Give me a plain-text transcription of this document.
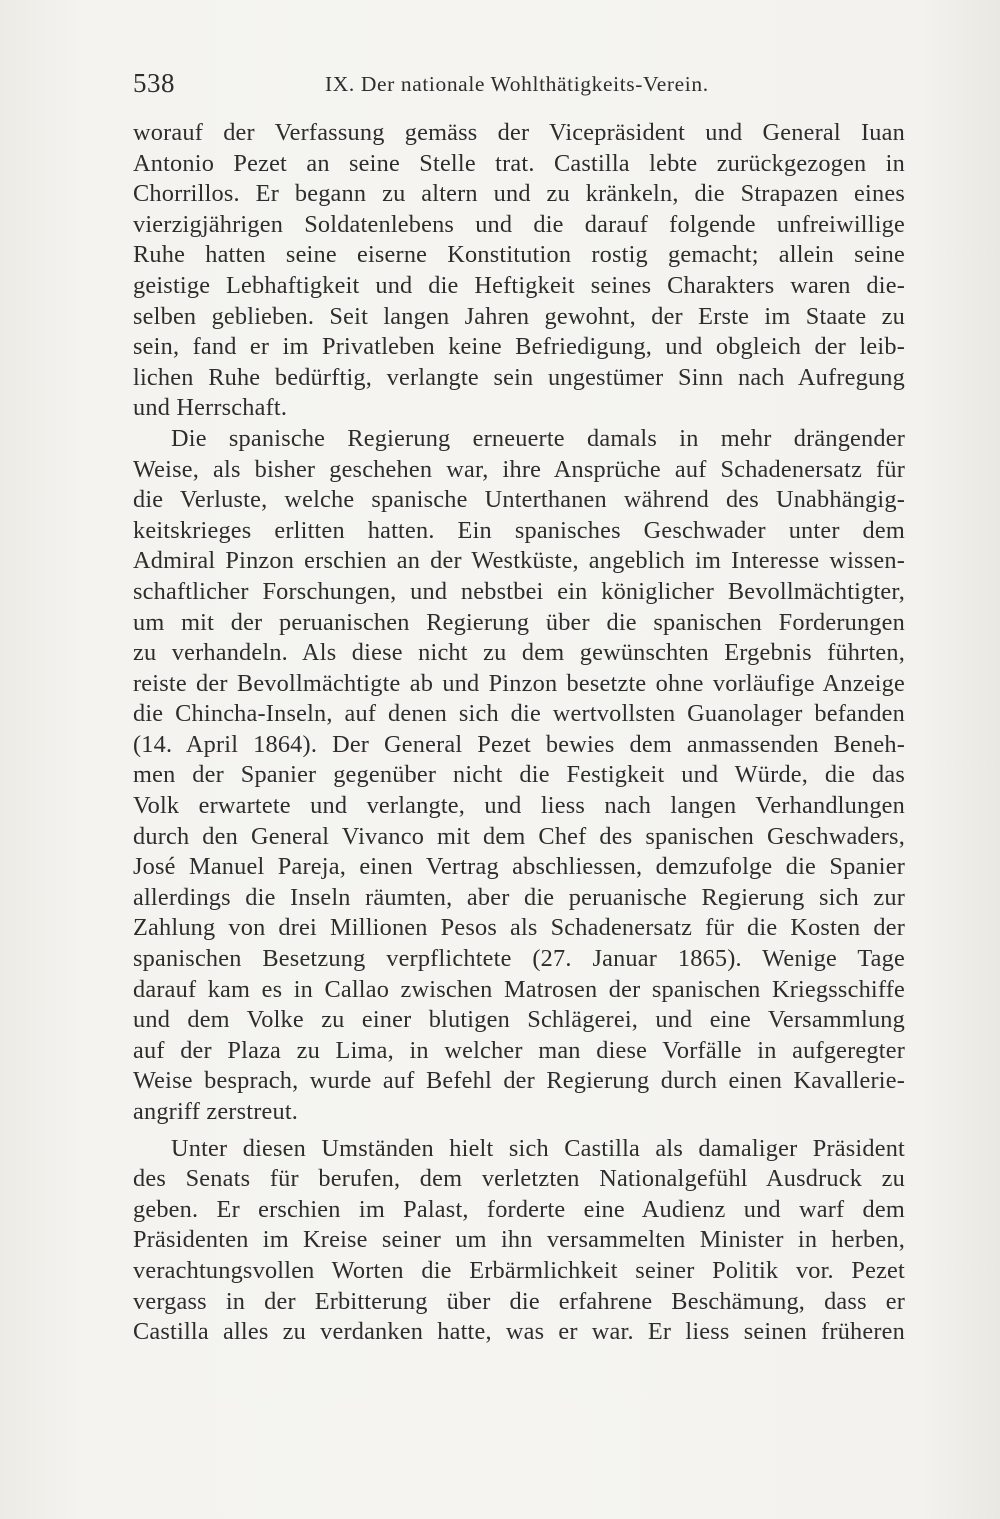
538	IX. Der nationale Wohlthätigkeits-Verein.
worauf der Verfassung gemäss der Vicepräsident und General Iuan
Antonio Pezet an seine Stelle trat. Castilla lebte zurückgezogen in
Chorrillos. Er begann zu altern und zu kränkeln, die Strapazen eines
vierzigjährigen Soldatenlebens und die darauf folgende unfreiwillige
Ruhe hatten seine eiserne Konstitution rostig gemacht; allein seine
geistige Lebhaftigkeit und die Heftigkeit seines Charakters waren die-
selben geblieben. Seit langen Jahren gewohnt, der Erste im Staate zu
sein, fand er im Privatleben keine Befriedigung, und obgleich der leib-
lichen Ruhe bedürftig, verlangte sein ungestümer Sinn nach Aufregung
und Herrschaft.
Die spanische Regierung erneuerte damals in mehr drängender
Weise, als bisher geschehen war, ihre Ansprüche auf Schadenersatz für
die Verluste, welche spanische Unterthanen während des Unabhängig-
keitskrieges erlitten hatten. Ein spanisches Geschwader unter dem
Admiral Pinzon erschien an der Westküste, angeblich im Interesse wissen-
schaftlicher Forschungen, und nebstbei ein königlicher Bevollmächtigter,
um mit der peruanischen Regierung über die spanischen Forderungen
zu verhandeln. Als diese nicht zu dem gewünschten Ergebnis führten,
reiste der Bevollmächtigte ab und Pinzon besetzte ohne vorläufige Anzeige
die Chincha-Inseln, auf denen sich die wertvollsten Guanolager befanden
(14. April 1864). Der General Pezet bewies dem anmassenden Beneh-
men der Spanier gegenüber nicht die Festigkeit und Würde, die das
Volk erwartete und verlangte, und liess nach langen Verhandlungen
durch den General Vivanco mit dem Chef des spanischen Geschwaders,
José Manuel Pareja, einen Vertrag abschliessen, demzufolge die Spanier
allerdings die Inseln räumten, aber die peruanische Regierung sich zur
Zahlung von drei Millionen Pesos als Schadenersatz für die Kosten der
spanischen Besetzung verpflichtete (27. Januar 1865). Wenige Tage
darauf kam es in Callao zwischen Matrosen der spanischen Kriegsschiffe
und dem Volke zu einer blutigen Schlägerei, und eine Versammlung
auf der Plaza zu Lima, in welcher man diese Vorfälle in aufgeregter
Weise besprach, wurde auf Befehl der Regierung durch einen Kavallerie-
angriff zerstreut.
Unter diesen Umständen hielt sich Castilla als damaliger Präsident
des Senats für berufen, dem verletzten Nationalgefühl Ausdruck zu
geben. Er erschien im Palast, forderte eine Audienz und warf dem
Präsidenten im Kreise seiner um ihn versammelten Minister in herben,
verachtungsvollen Worten die Erbärmlichkeit seiner Politik vor. Pezet
vergass in der Erbitterung über die erfahrene Beschämung, dass er
Castilla alles zu verdanken hatte, was er war. Er liess seinen früheren
